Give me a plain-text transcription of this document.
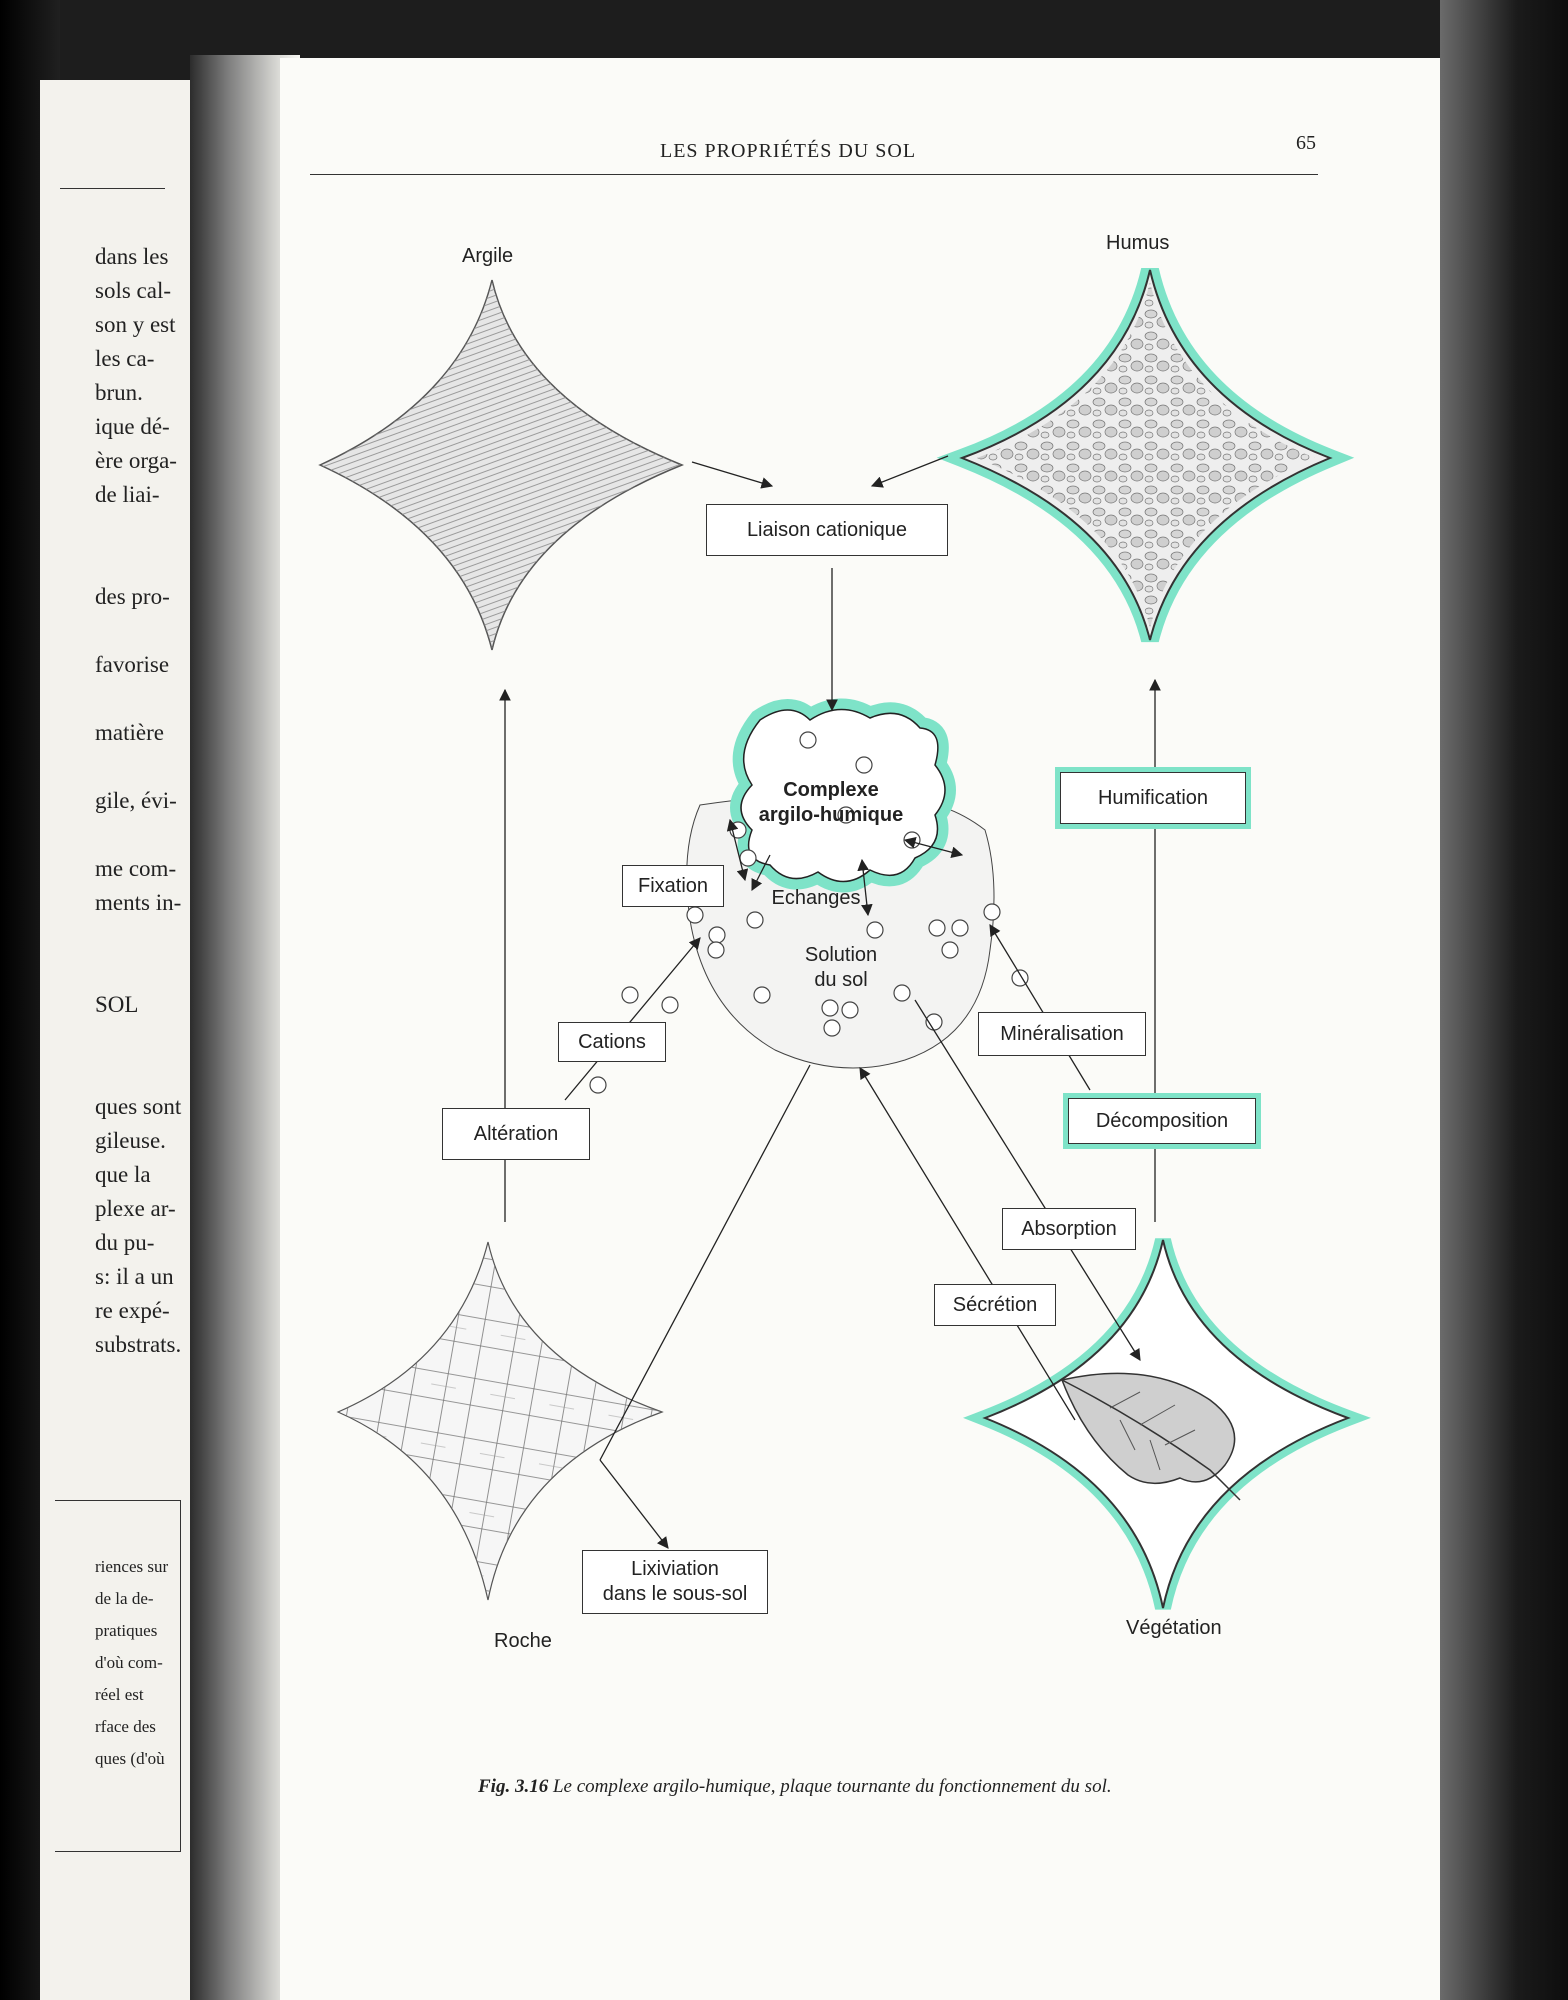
dans les
sols cal-
son y est
les ca-
brun.
ique dé-
ère orga-
de liai-

des pro-

favorise

matière

gile, évi-

me com-
ments in-

SOL

ques sont
gileuse.
que la
plexe ar-
du pu-
s: il a un
re expé-
substrats.
riences sur
de la de-
pratiques
d'où com-
réel est
rface des
ques (d'où
LES PROPRIÉTÉS DU SOL	65
Argile
Humus
Roche
Végétation
Liaison cationique
Humification
Fixation
Cations
Altération
Minéralisation
Décomposition
Absorption
Sécrétion
Lixiviation
dans le sous-sol
Complexe
argilo-humique
Echanges
Solution
du sol
Fig. 3.16 Le complexe argilo-humique, plaque tournante du fonctionnement du sol.
